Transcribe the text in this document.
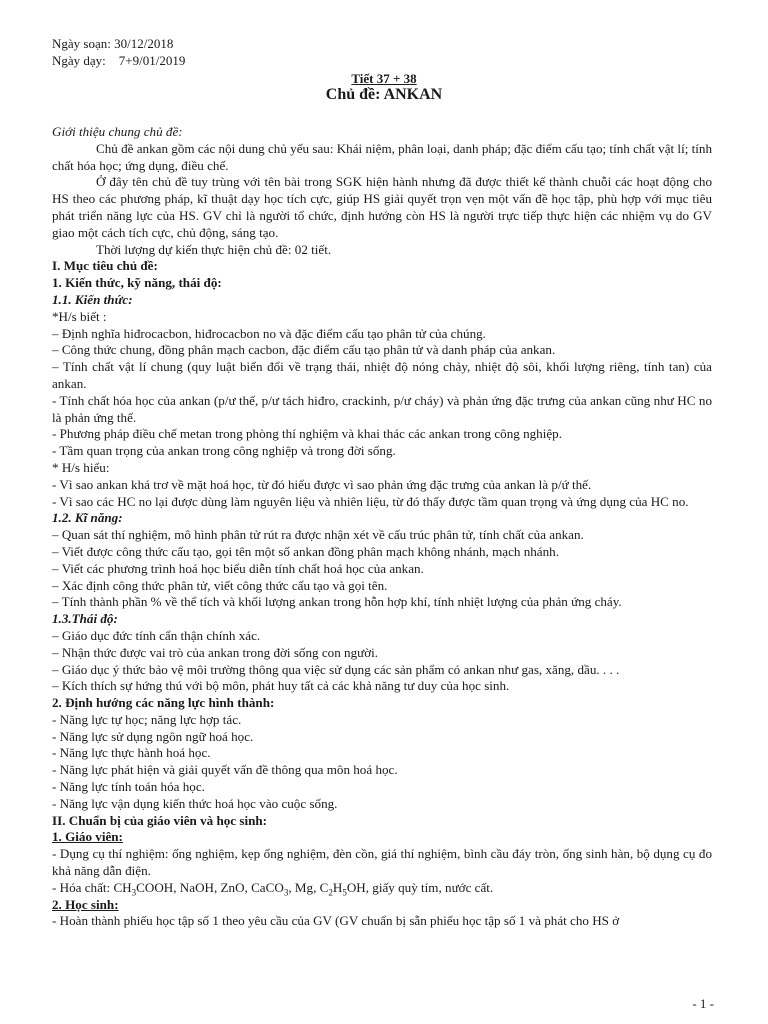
Ngày soạn: 30/12/2018
Ngày dạy:    7+9/01/2019
Tiết 37 + 38
Chủ đề: ANKAN

Giới thiệu chung chủ đề:

Chủ đề ankan gồm các nội dung chủ yếu sau: Khái niệm, phân loại, danh pháp; đặc điểm cấu tạo; tính chất vật lí; tính chất hóa học; ứng dụng, điều chế.

Ở đây tên chủ đề tuy trùng với tên bài trong SGK hiện hành nhưng đã được thiết kế thành chuỗi các hoạt động cho HS theo các phương pháp, kĩ thuật dạy học tích cực, giúp HS giải quyết trọn vẹn một vấn đề học tập, phù hợp với mục tiêu phát triển năng lực của HS. GV chỉ là người tổ chức, định hướng còn HS là người trực tiếp thực hiện các nhiệm vụ do GV giao một cách tích cực, chủ động, sáng tạo.

Thời lượng dự kiến thực hiện chủ đề: 02 tiết.

I. Mục tiêu chủ đề:

1. Kiến thức, kỹ năng, thái độ:

1.1. Kiến thức:

*H/s biết :

– Định nghĩa hiđrocacbon, hiđrocacbon no và đặc điểm cấu tạo phân tử của chúng.

– Công thức chung, đồng phân mạch cacbon, đặc điểm cấu tạo phân tử và danh pháp của ankan.

– Tính chất vật lí chung (quy luật biến đổi về trạng thái, nhiệt độ nóng chảy, nhiệt độ sôi, khối lượng riêng, tính tan) của ankan.

- Tính chất hóa học của ankan (p/ư thế, p/ư tách hiđro, crackinh, p/ư cháy) và phản ứng đặc trưng của ankan cũng như HC no là phản ứng thế.

- Phương pháp điều chế metan trong phòng thí nghiệm và khai thác các ankan trong công nghiệp.

- Tầm quan trọng của ankan trong công nghiệp và trong đời sống.

* H/s hiểu:

- Vì sao ankan khá trơ về mặt hoá học, từ đó hiểu được vì sao phản ứng đặc trưng của ankan là p/ứ thế.

- Vì sao các HC no lại được dùng làm nguyên liệu và nhiên liệu, từ đó thấy được tầm quan trọng và ứng dụng của HC no.

1.2. Kĩ năng:

– Quan sát thí nghiệm, mô hình phân tử rút ra được nhận xét về cấu trúc phân tử, tính chất của ankan.

– Viết được công thức cấu tạo, gọi tên một số ankan đồng phân mạch không nhánh, mạch nhánh.

– Viết các phương trình hoá học biểu diễn tính chất hoá học của ankan.

– Xác định công thức phân tử, viết công thức cấu tạo và gọi tên.

– Tính thành phần % về thể tích và khối lượng ankan trong hỗn hợp khí, tính nhiệt lượng của phản ứng cháy.

1.3.Thái độ:

– Giáo dục đức tính cẩn thận chính xác.

– Nhận thức được vai trò của ankan trong đời sống con người.

– Giáo dục ý thức bảo vệ môi trường thông qua việc sử dụng các sản phẩm có ankan như gas, xăng, dầu. . . .

– Kích thích sự hứng thú với bộ môn, phát huy tất cả các khả năng tư duy của học sinh.

2. Định hướng các năng lực hình thành:

- Năng lực tự học; năng lực hợp tác.

- Năng lực sử dụng ngôn ngữ hoá học.

- Năng lực thực hành hoá học.

- Năng lực phát hiện và giải quyết vấn đề thông qua môn hoá học.

- Năng lực tính toán hóa học.

- Năng lực vận dụng kiến thức hoá học vào cuộc sống.

II. Chuẩn bị của giáo viên và học sinh:

1. Giáo viên:

- Dụng cụ thí nghiệm: ống nghiệm, kẹp ống nghiệm, đèn cồn, giá thí nghiệm, bình cầu đáy tròn, ống sinh hàn, bộ dụng cụ đo khả năng dẫn điện.

- Hóa chất: $CH_3COOH$, NaOH, ZnO, CaCO$_3$, Mg, $C_2H_5OH$, giấy quỳ tím, nước cất.

2. Học sinh:

- Hoàn thành phiếu học tập số 1 theo yêu cầu của GV (GV chuẩn bị sẵn phiếu học tập số 1 và phát cho HS ở

- 1 -
